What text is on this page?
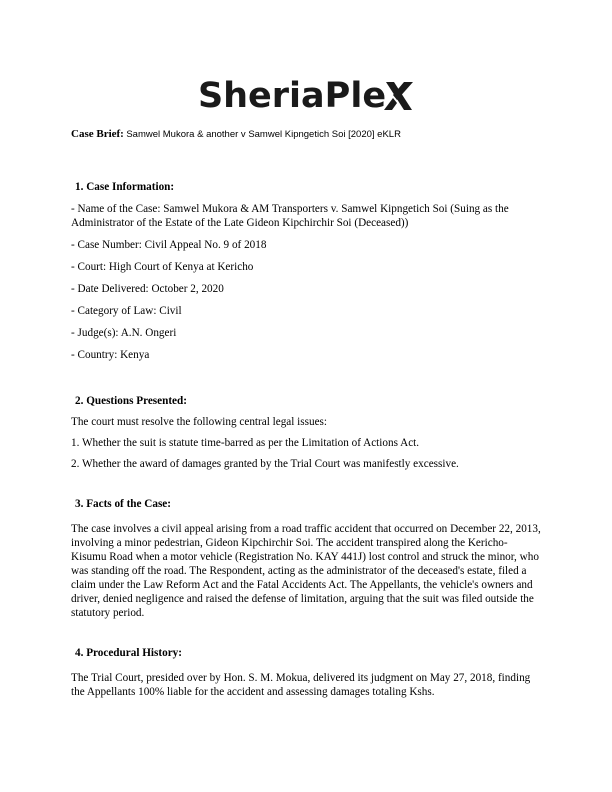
SheriaPle
Case Brief: Samwel Mukora & another v Samwel Kipngetich Soi [2020] eKLR

1. Case Information:

- Name of the Case: Samwel Mukora & AM Transporters v. Samwel Kipngetich Soi (Suing as the Administrator of the Estate of the Late Gideon Kipchirchir Soi (Deceased))

- Case Number: Civil Appeal No. 9 of 2018

- Court: High Court of Kenya at Kericho

- Date Delivered: October 2, 2020

- Category of Law: Civil

- Judge(s): A.N. Ongeri

- Country: Kenya

2. Questions Presented:

The court must resolve the following central legal issues:

1. Whether the suit is statute time-barred as per the Limitation of Actions Act.

2. Whether the award of damages granted by the Trial Court was manifestly excessive.

3. Facts of the Case:

The case involves a civil appeal arising from a road traffic accident that occurred on December 22, 2013, involving a minor pedestrian, Gideon Kipchirchir Soi. The accident transpired along the Kericho-Kisumu Road when a motor vehicle (Registration No. KAY 441J) lost control and struck the minor, who was standing off the road. The Respondent, acting as the administrator of the deceased's estate, filed a claim under the Law Reform Act and the Fatal Accidents Act. The Appellants, the vehicle's owners and driver, denied negligence and raised the defense of limitation, arguing that the suit was filed outside the statutory period.

4. Procedural History:

The Trial Court, presided over by Hon. S. M. Mokua, delivered its judgment on May 27, 2018, finding the Appellants 100% liable for the accident and assessing damages totaling Kshs.
